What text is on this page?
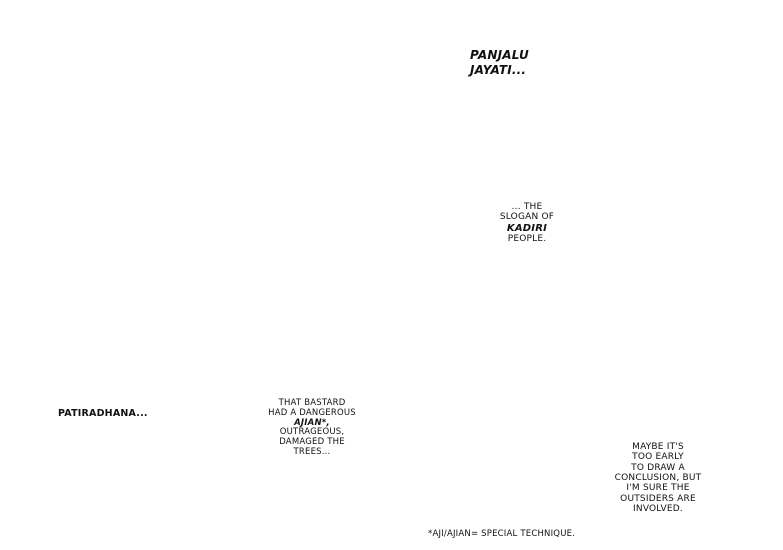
PANJALU
JAYATI...
... THE
SLOGAN OF
KADIRI
PEOPLE.
PATIRADHANA...
THAT BASTARD
HAD A DANGEROUS
AJIAN*,
OUTRAGEOUS,
DAMAGED THE
TREES...	MAYBE IT'S
TOO EARLY
TO DRAW A
CONCLUSION, BUT
I'M SURE THE
OUTSIDERS ARE
INVOLVED.
*AJI/AJIAN= SPECIAL TECHNIQUE.
